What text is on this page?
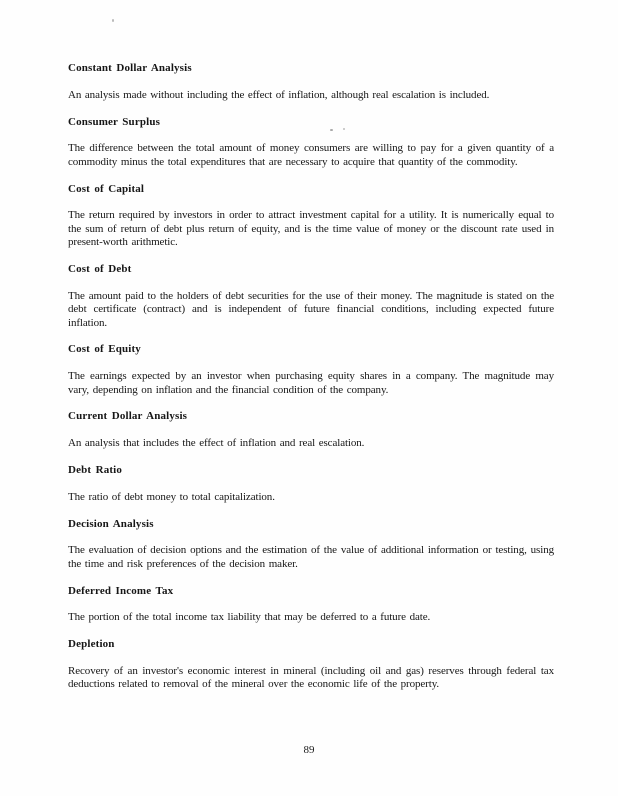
Constant Dollar Analysis

An analysis made without including the effect of inflation, although real escalation is included.

Consumer Surplus

The difference between the total amount of money consumers are willing to pay for a given quantity of a commodity minus the total expenditures that are necessary to acquire that quantity of the commodity.

Cost of Capital

The return required by investors in order to attract investment capital for a utility. It is numerically equal to the sum of return of debt plus return of equity, and is the time value of money or the discount rate used in present-worth arithmetic.

Cost of Debt

The amount paid to the holders of debt securities for the use of their money. The magnitude is stated on the debt certificate (contract) and is independent of future financial conditions, including expected future inflation.

Cost of Equity

The earnings expected by an investor when purchasing equity shares in a company. The magnitude may vary, depending on inflation and the financial condition of the company.

Current Dollar Analysis

An analysis that includes the effect of inflation and real escalation.

Debt Ratio

The ratio of debt money to total capitalization.

Decision Analysis

The evaluation of decision options and the estimation of the value of additional information or testing, using the time and risk preferences of the decision maker.

Deferred Income Tax

The portion of the total income tax liability that may be deferred to a future date.

Depletion

Recovery of an investor's economic interest in mineral (including oil and gas) reserves through federal tax deductions related to removal of the mineral over the economic life of the property.

89
